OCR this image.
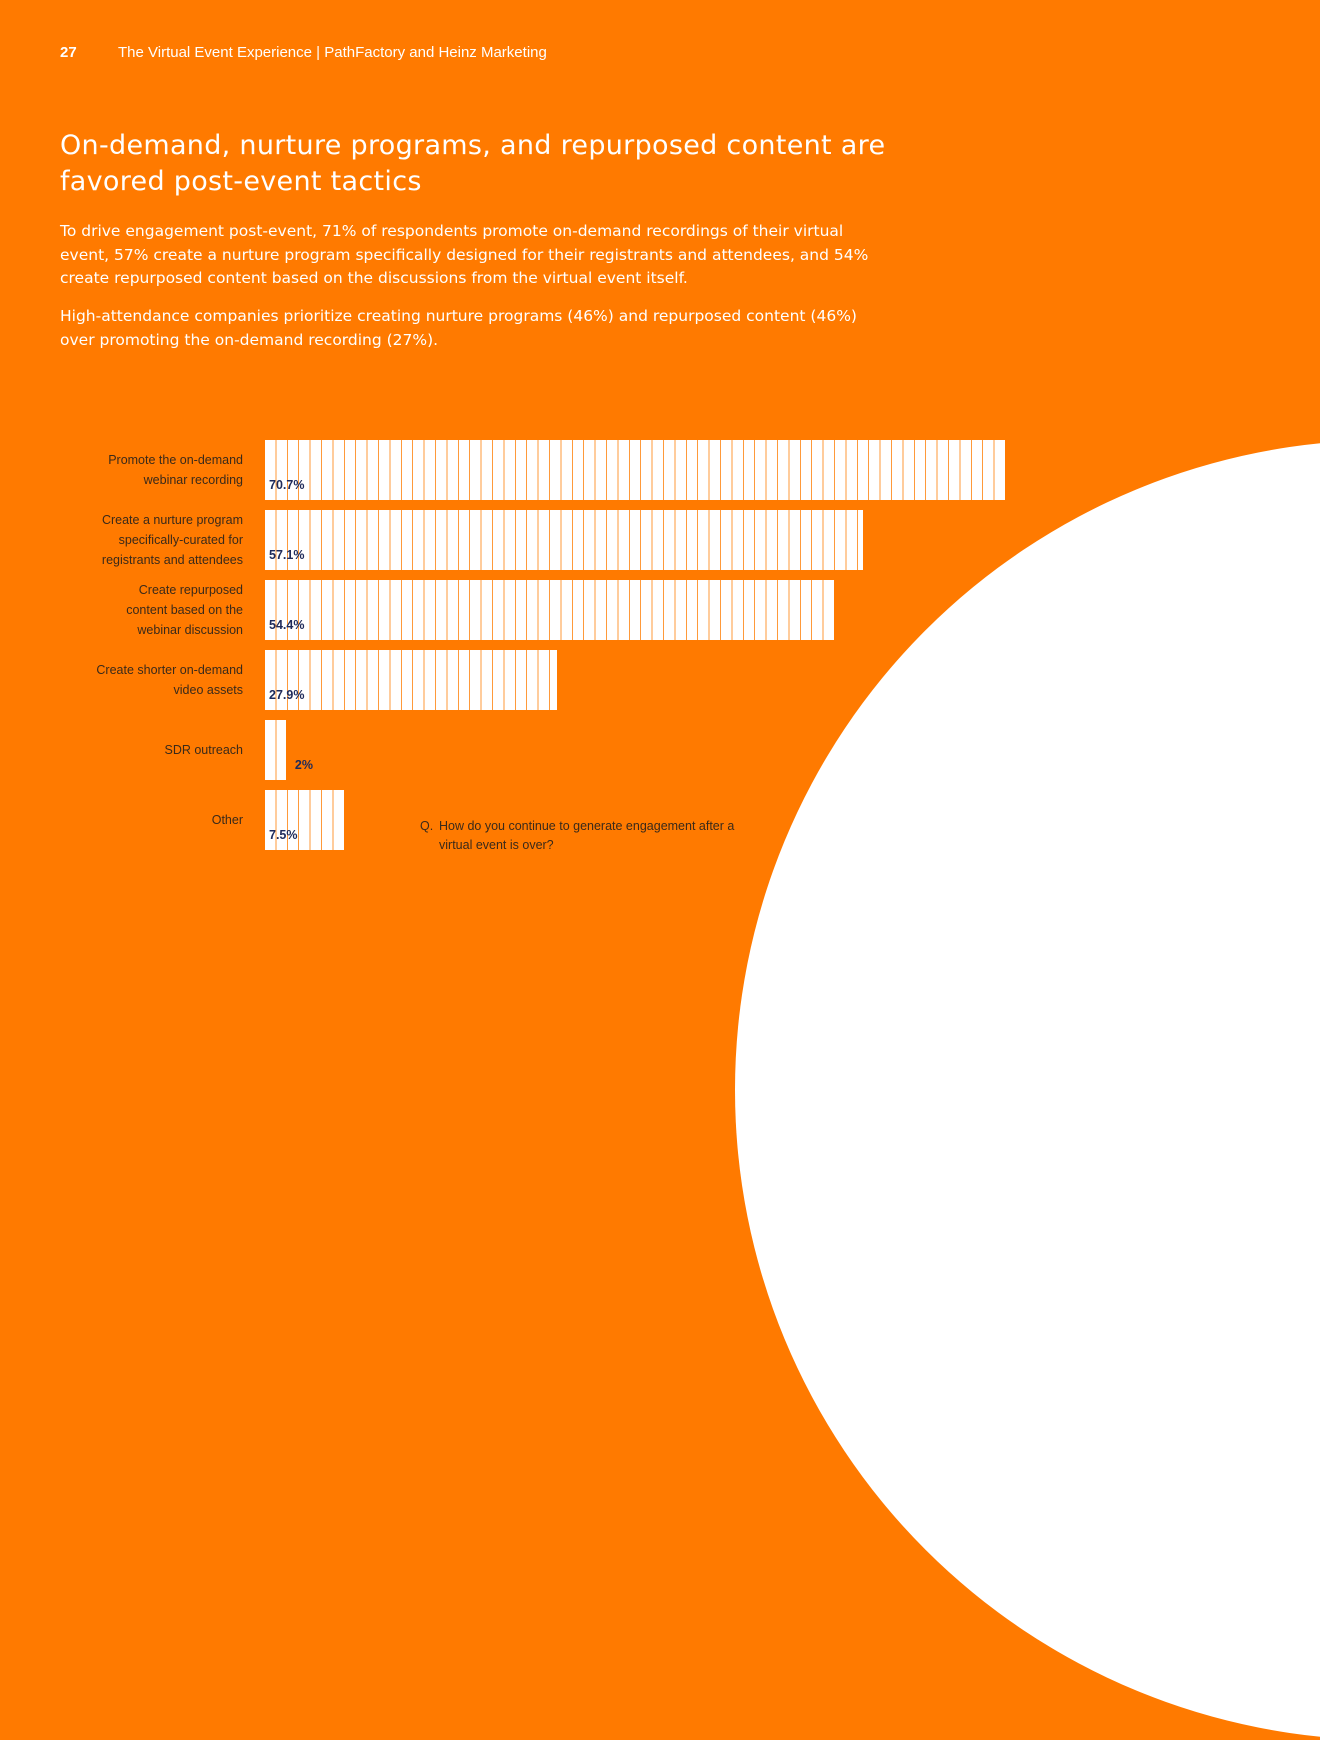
27	The Virtual Event Experience | PathFactory and Heinz Marketing
On-demand, nurture programs, and repurposed content are favored post-event tactics

To drive engagement post-event, 71% of respondents promote on-demand recordings of their virtual event, 57% create a nurture program specifically designed for their registrants and attendees, and 54% create repurposed content based on the discussions from the virtual event itself.

High-attendance companies prioritize creating nurture programs (46%) and repurposed content (46%) over promoting the on-demand recording (27%).

Q. How do you continue to generate engagement after a virtual event is over?
Promote the on-demand
webinar recording 70.7%
Create a nurture program
specifically-curated for
registrants and attendees 57.1%
Create repurposed
content based on the
webinar discussion 54.4%
Create shorter on-demand
video assets 27.9%
SDR outreach
2%
Other
7.5%
